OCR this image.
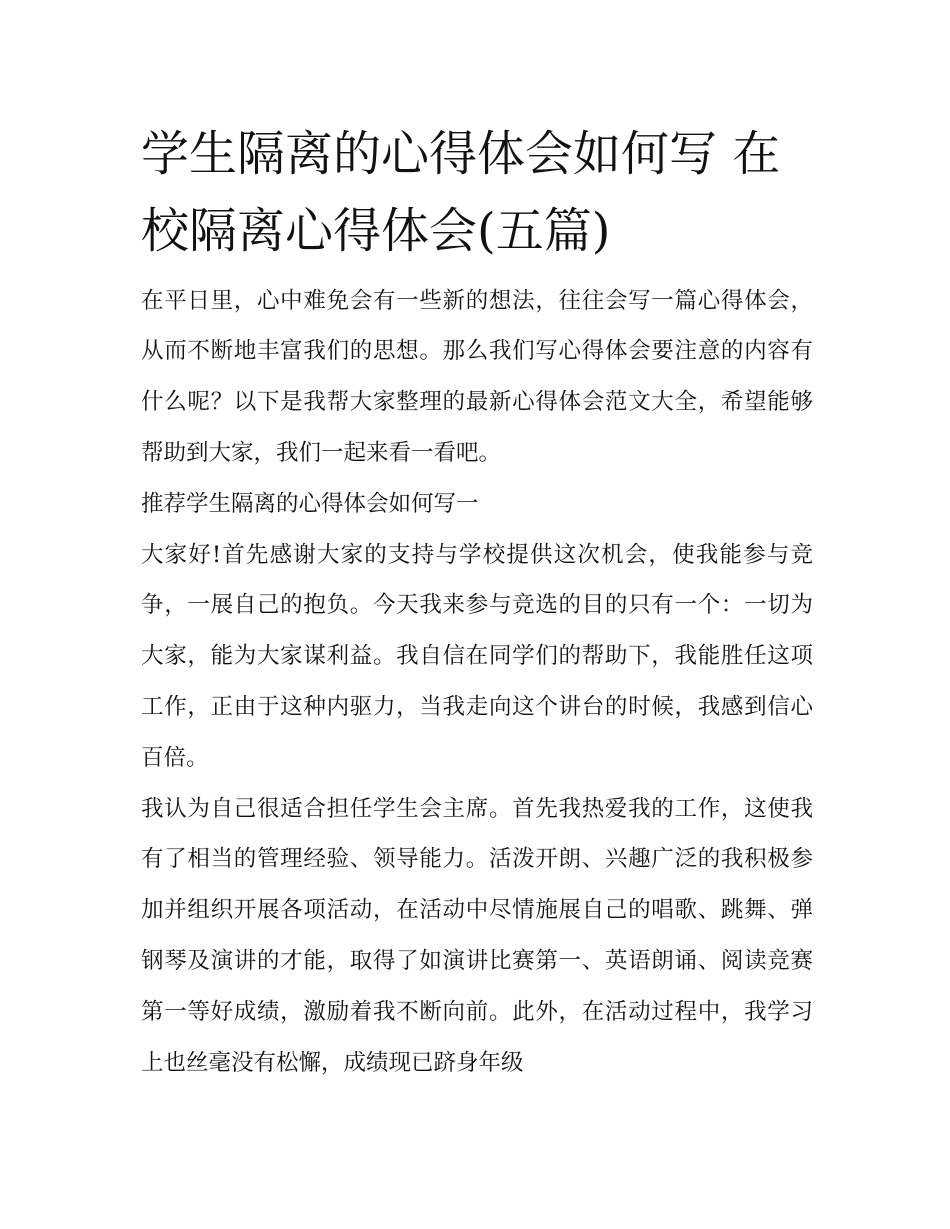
学生隔离的心得体会如何写 在校隔离心得体会(五篇)

在平日里，心中难免会有一些新的想法，往往会写一篇心得体会，从而不断地丰富我们的思想。那么我们写心得体会要注意的内容有什么呢？以下是我帮大家整理的最新心得体会范文大全，希望能够帮助到大家，我们一起来看一看吧。

推荐学生隔离的心得体会如何写一

大家好!首先感谢大家的支持与学校提供这次机会，使我能参与竞争，一展自己的抱负。今天我来参与竞选的目的只有一个：一切为大家，能为大家谋利益。我自信在同学们的帮助下，我能胜任这项工作，正由于这种内驱力，当我走向这个讲台的时候，我感到信心百倍。

我认为自己很适合担任学生会主席。首先我热爱我的工作，这使我有了相当的管理经验、领导能力。活泼开朗、兴趣广泛的我积极参加并组织开展各项活动，在活动中尽情施展自己的唱歌、跳舞、弹钢琴及演讲的才能，取得了如演讲比赛第一、英语朗诵、阅读竞赛第一等好成绩，激励着我不断向前。此外，在活动过程中，我学习上也丝毫没有松懈，成绩现已跻身年级
